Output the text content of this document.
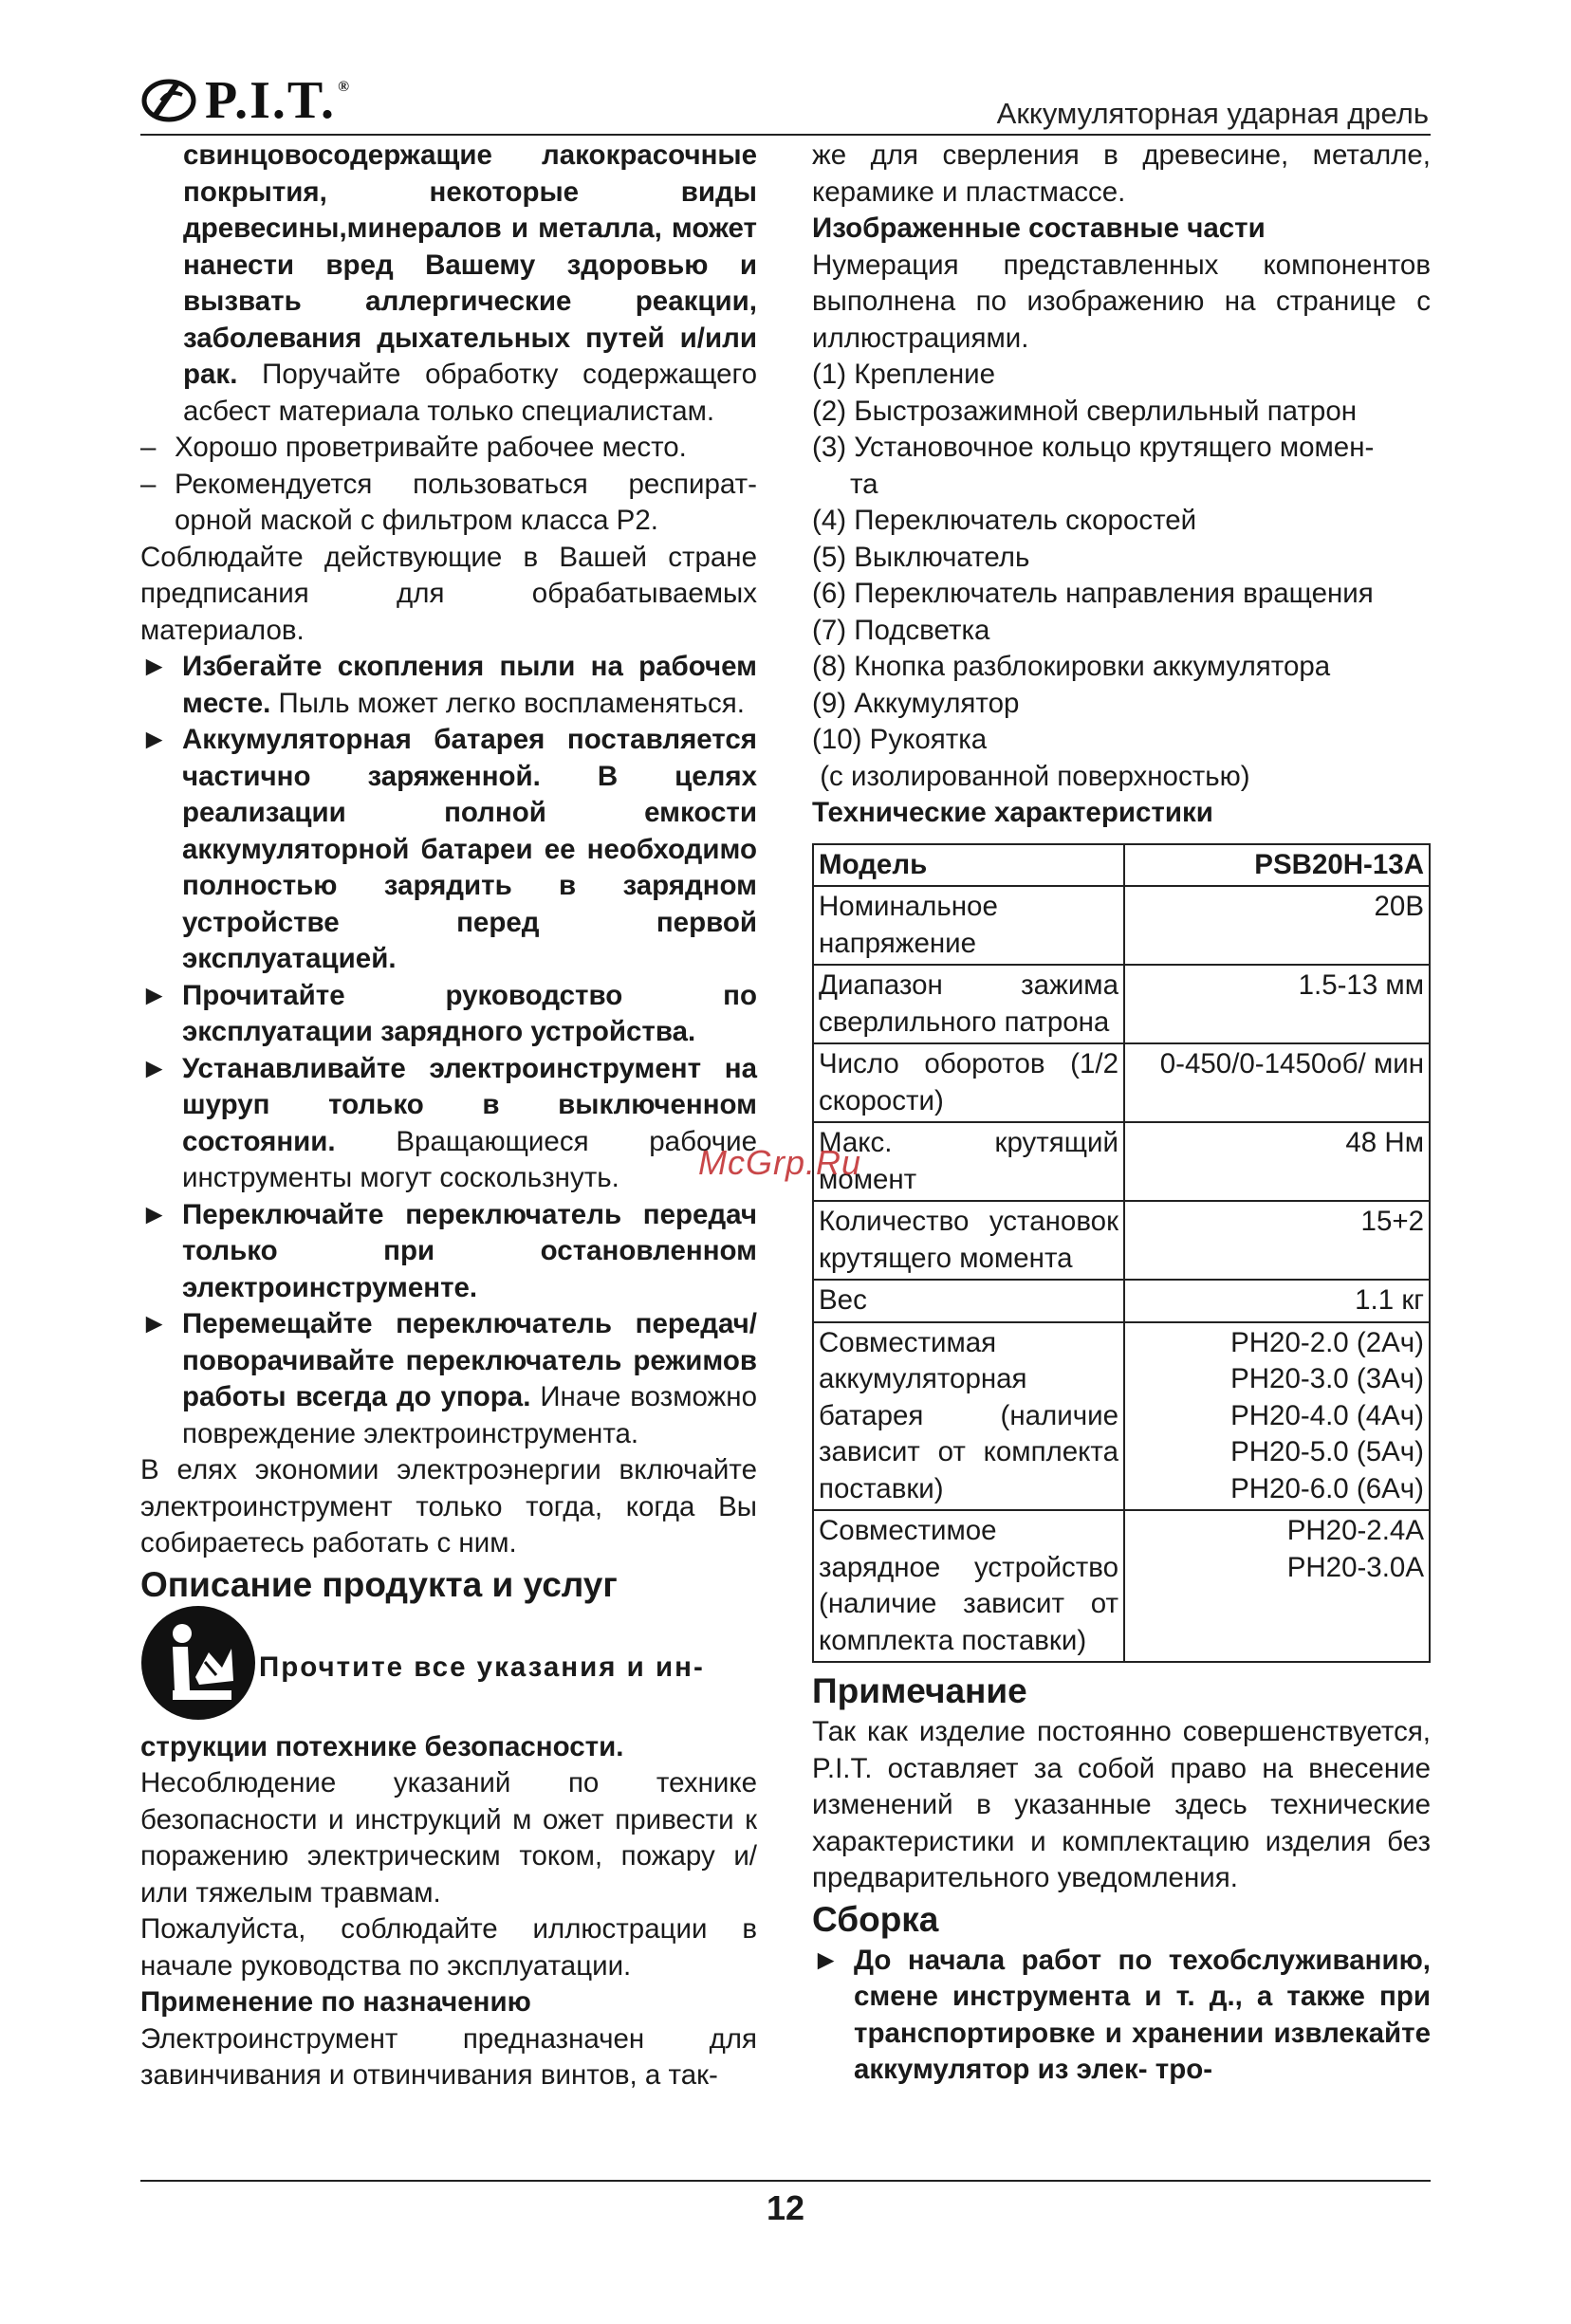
P.I.T. ®
Аккумуляторная ударная дрель

свинцовосодержащие лакокрасочные покрытия, некоторые виды древесины,минералов и металла, может нанести вред Вашему здоровью и вызвать аллергические реакции, заболевания дыхательных путей и/или рак. Поручайте обработку содержащего асбест материала только специалистам.

– Хорошо проветривайте рабочее место.
– Рекомендуется пользоваться респират-орной маской с фильтром класса P2.

Соблюдайте действующие в Вашей стране предписания для обрабатываемых материалов.

► Избегайте скопления пыли на рабочем месте. Пыль может легко воспламеняться.
► Аккумуляторная батарея поставляется частично заряженной. В целях реализации полной емкости аккумуляторной батареи ее необходимо полностью зарядить в зарядном устройстве перед первой эксплуатацией.
► Прочитайте руководство по эксплуатации зарядного устройства.
► Устанавливайте электроинструмент на шуруп только в выключенном состоянии. Вращающиеся рабочие инструменты могут соскользнуть.
► Переключайте переключатель передач только при остановленном электроинструменте.
► Перемещайте переключатель передач/поворачивайте переключатель режимов работы всегда до упора. Иначе возможно повреждение электроинструмента.

В елях экономии электроэнергии включайте электроинструмент только тогда, когда Вы собираетесь работать с ним.

Описание продукта и услуг
Прочтите все указания и ин-

струкции потехнике безопасности.

Несоблюдение указаний по технике безопасности и инструкций м ожет привести к поражению электрическим током, пожару и/или тяжелым травмам.

Пожалуйста, соблюдайте иллюстрации в начале руководства по эксплуатации.

Применение по назначению

Электроинструмент предназначен для завинчивания и отвинчивания винтов, а так-

же для сверления в древесине, металле, керамике и пластмассе.

Изображенные составные части

Нумерация представленных компонентов выполнена по изображению на странице с иллюстрациями.

(1) Крепление

(2) Быстрозажимной сверлильный патрон

(3) Установочное кольцо крутящего момен-

та

(4) Переключатель скоростей

(5) Выключатель

(6) Переключатель направления вращения

(7) Подсветка

(8) Кнопка разблокировки аккумулятора

(9) Аккумулятор

(10) Рукоятка

(с изолированной поверхностью)

Технические характеристики

Модель	PSB20H-13A
Номинальное напряжение	20В
Диапазон зажима сверлильного патрона	1.5-13 мм
Число оборотов (1/2 скорости)	0-450/0-1450об/ мин
Макс. крутящий момент	48 Нм
Количество установок крутящего момента	15+2
Вес	1.1 кг
Совместимая аккумуляторная батарея (наличие зависит от комплекта поставки)	PH20-2.0 (2Ач)
PH20-3.0 (3Ач)
PH20-4.0 (4Ач)
PH20-5.0 (5Ач)
PH20-6.0 (6Ач)

Совместимое зарядное устройство (наличие зависит от комплекта поставки)	PH20-2.4A
PH20-3.0A
Примечание

Так как изделие постоянно совершенствуется, P.I.T. оставляет за собой право на внесение изменений в указанные здесь технические характеристики и комплектацию изделия без предварительного уведомления.

Сборка
► До начала работ по техобслуживанию, смене инструмента и т. д., а также при транспортировке и хранении извлекайте аккумулятор из элек- тро-
McGrp.Ru
12
